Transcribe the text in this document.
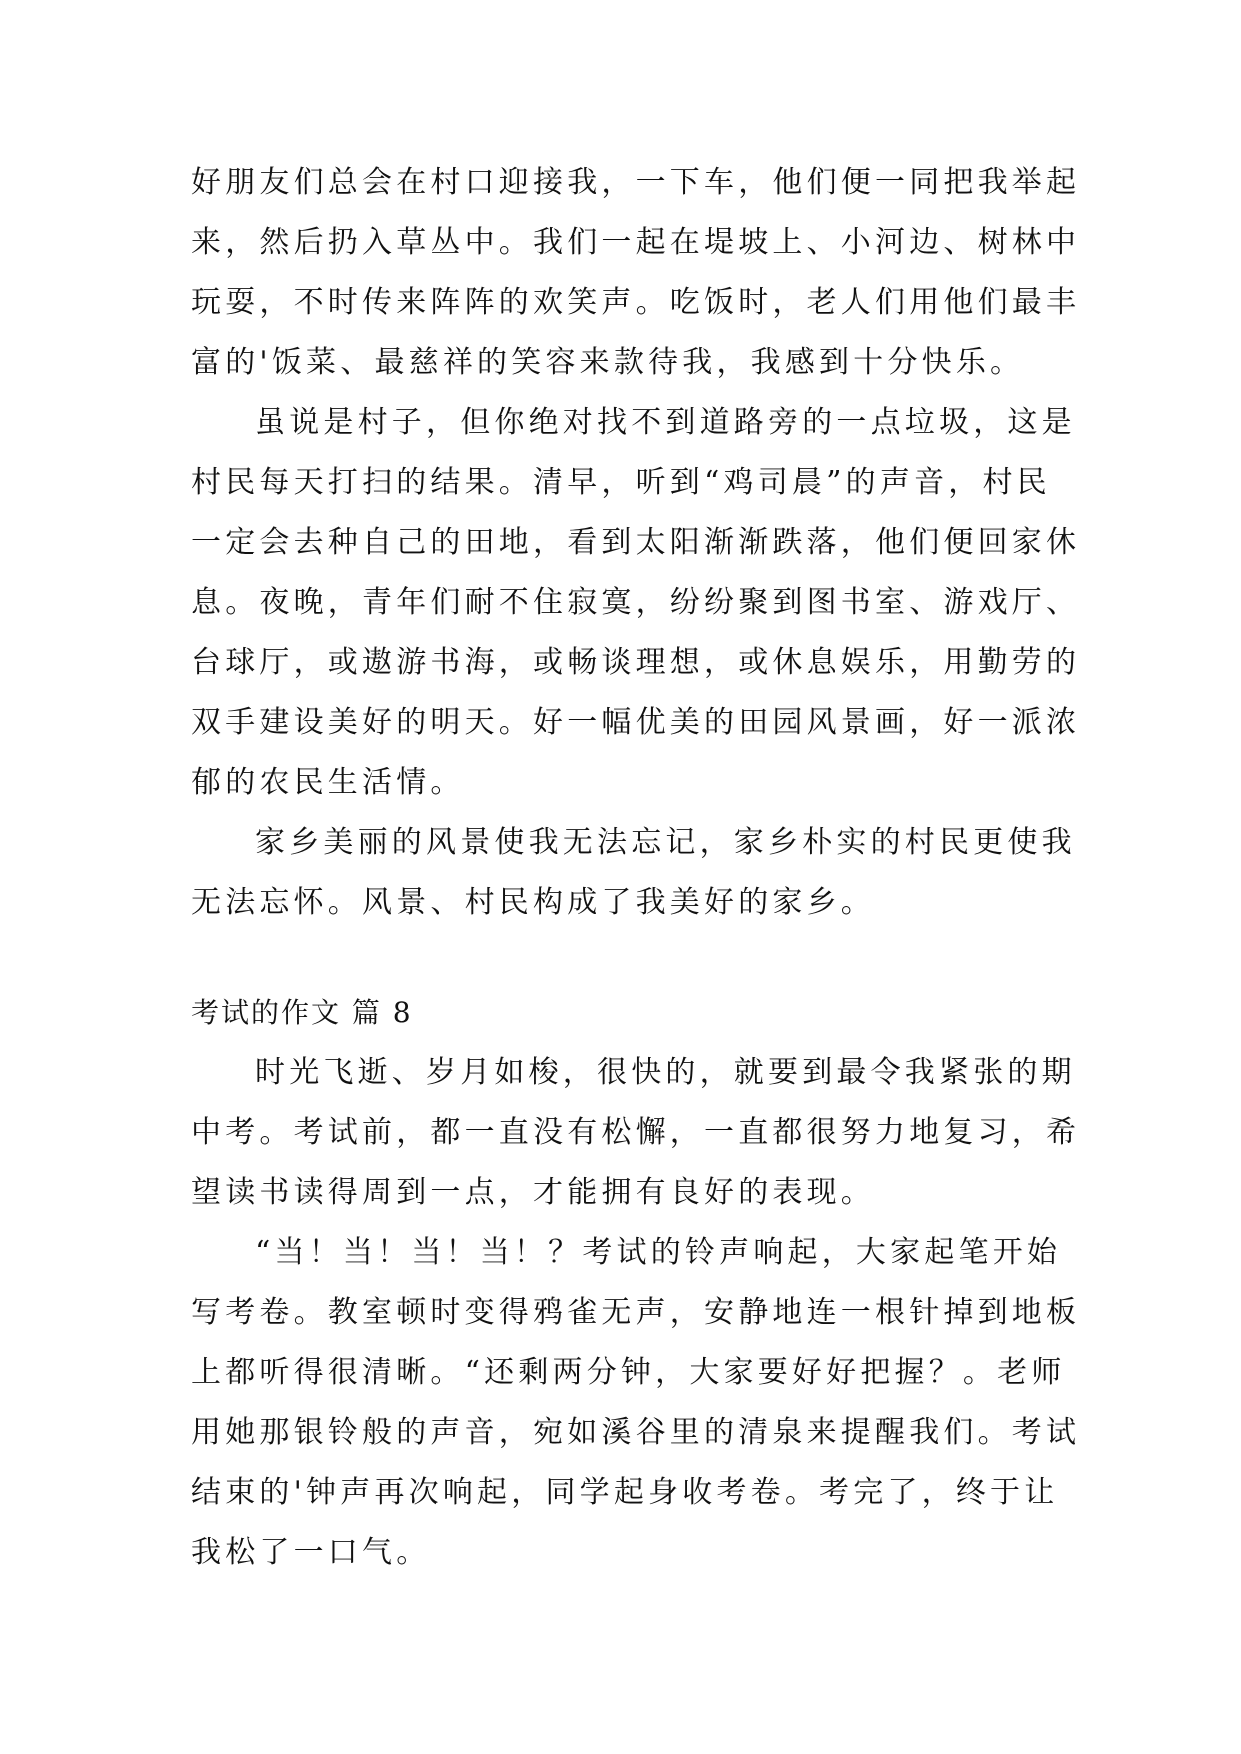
好朋友们总会在村口迎接我，一下车，他们便一同把我举起
来，然后扔入草丛中。我们一起在堤坡上、小河边、树林中
玩耍，不时传来阵阵的欢笑声。吃饭时，老人们用他们最丰
富的'饭菜、最慈祥的笑容来款待我，我感到十分快乐。
虽说是村子，但你绝对找不到道路旁的一点垃圾，这是
村民每天打扫的结果。清早，听到“鸡司晨”的声音，村民
一定会去种自己的田地，看到太阳渐渐跌落，他们便回家休
息。夜晚，青年们耐不住寂寞，纷纷聚到图书室、游戏厅、
台球厅，或遨游书海，或畅谈理想，或休息娱乐，用勤劳的
双手建设美好的明天。好一幅优美的田园风景画，好一派浓
郁的农民生活情。
家乡美丽的风景使我无法忘记，家乡朴实的村民更使我
无法忘怀。风景、村民构成了我美好的家乡。
考试的作文 篇 8
时光飞逝、岁月如梭，很快的，就要到最令我紧张的期
中考。考试前，都一直没有松懈，一直都很努力地复习，希
望读书读得周到一点，才能拥有良好的表现。
“当！当！当！当！？考试的铃声响起，大家起笔开始
写考卷。教室顿时变得鸦雀无声，安静地连一根针掉到地板
上都听得很清晰。“还剩两分钟，大家要好好把握？。老师
用她那银铃般的声音，宛如溪谷里的清泉来提醒我们。考试
结束的'钟声再次响起，同学起身收考卷。考完了，终于让
我松了一口气。
